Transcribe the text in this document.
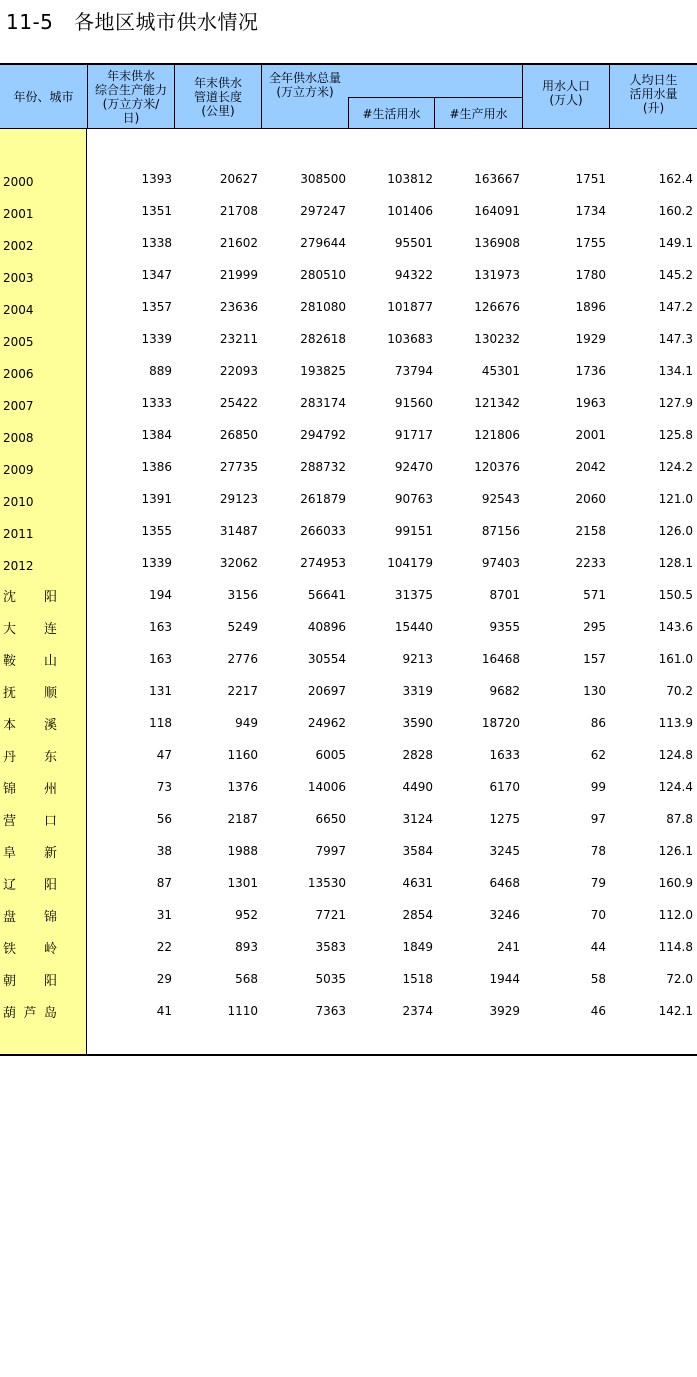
11-5   各地区城市供水情况
年份、城市
年末供水
综合生产能力
(万立方米/
日)
年末供水
管道长度
(公里)
全年供水总量
(万立方米)
#生活用水 #生产用水
用水人口
(万人)
人均日生
活用水量
(升)
2000	1393	20627	308500	103812	163667	1751	162.4
2001	1351	21708	297247	101406	164091	1734	160.2
2002	1338	21602	279644	95501	136908	1755	149.1
2003	1347	21999	280510	94322	131973	1780	145.2
2004	1357	23636	281080	101877	126676	1896	147.2
2005	1339	23211	282618	103683	130232	1929	147.3
2006	889	22093	193825	73794	45301	1736	134.1
2007	1333	25422	283174	91560	121342	1963	127.9
2008	1384	26850	294792	91717	121806	2001	125.8
2009	1386	27735	288732	92470	120376	2042	124.2
2010	1391	29123	261879	90763	92543	2060	121.0
2011	1355	31487	266033	99151	87156	2158	126.0
2012	1339	32062	274953	104179	97403	2233	128.1
沈 阳	194	3156	56641	31375	8701	571	150.5
大 连	163	5249	40896	15440	9355	295	143.6
鞍 山	163	2776	30554	9213	16468	157	161.0
抚 顺	131	2217	20697	3319	9682	130	70.2
本 溪	118	949	24962	3590	18720	86	113.9
丹 东	47	1160	6005	2828	1633	62	124.8
锦 州	73	1376	14006	4490	6170	99	124.4
营 口	56	2187	6650	3124	1275	97	87.8
阜 新	38	1988	7997	3584	3245	78	126.1
辽 阳	87	1301	13530	4631	6468	79	160.9
盘 锦	31	952	7721	2854	3246	70	112.0
铁 岭	22	893	3583	1849	241	44	114.8
朝 阳	29	568	5035	1518	1944	58	72.0
葫 芦 岛	41	1110	7363	2374	3929	46	142.1
